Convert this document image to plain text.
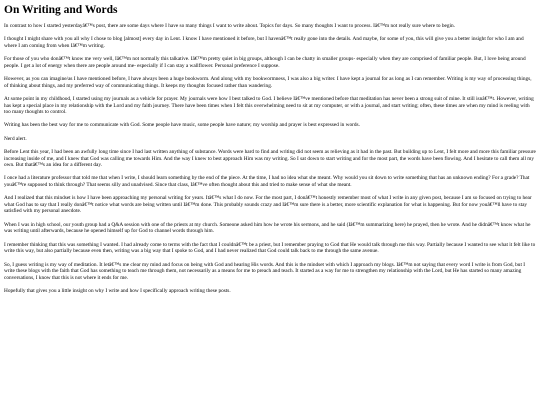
On Writing and Words

In contrast to how I started yesterdayâ€™s post, there are some days where I have so many things I want to write about. Topics for days. So many thoughts I want to process. Iâ€™m not really sure where to begin.

I thought I might share with you all why I chose to blog [almost] every day in Lent. I know I have mentioned it before, but I havenâ€™t really gone into the details. And maybe, for some of you, this will give you a better insight for who I am and where I am coming from when Iâ€™m writing.

For those of you who donâ€™t know me very well, Iâ€™m not normally this talkative. Iâ€™m pretty quiet in big groups, although I can be chatty in smaller groups- especially when they are comprised of familiar people. But, I love being around people. I get a lot of energy when there are people around me- especially if I can stay a wallflower. Personal preference I suppose.

However, as you can imagine/as I have mentioned before, I have always been a huge bookworm. And along with my bookwormness, I was also a big writer. I have kept a journal for as long as I can remember. Writing is my way of processing things, of thinking about things, and my preferred way of communicating things. It keeps my thoughts focused rather than wandering.

At some point in my childhood, I started using my journals as a vehicle for prayer. My journals were how I best talked to God. I believe Iâ€™ve mentioned before that meditation has never been a strong suit of mine. It still isnâ€™t. However, writing has kept a special place in my relationship with the Lord and my faith journey. There have been times when I felt this overwhelming need to sit at my computer, or with a journal, and start writing; often, these times are when my mind is reeling with too many thoughts to control.

Writing has been the best way for me to communicate with God. Some people have music, some people have nature; my worship and prayer is best expressed in words.

Nerd alert.

Before Lent this year, I had been an awfully long time since I had last written anything of substance. Words were hard to find and writing did not seem as relieving as it had in the past. But building up to Lent, I felt more and more this familiar pressure increasing inside of me, and I knew that God was calling me towards Him. And the way I knew to best approach Him was my writing. So I sat down to start writing and for the most part, the words have been flowing. And I hesitate to call them all my own. But thatâ€™s an idea for a different day.

I once had a literature professor that told me that when I write, I should learn something by the end of the piece. At the time, I had no idea what she meant. Why would you sit down to write something that has an unknown ending? For a grade? That youâ€™re supposed to think through? That seems silly and unadvised. Since that class, Iâ€™ve often thought about this and tried to make sense of what she meant.

And I realized that this mindset is how I have been approaching my personal writing for years. Itâ€™s what I do now. For the most part, I donâ€™t honestly remember most of what I write in any given post, because I am so focused on trying to hear what God has to say that I really donâ€™t notice what words are being written until Iâ€™m done. This probably sounds crazy and Iâ€™m sure there is a better, more scientific explanation for what is happening. But for now youâ€™ll have to stay satisfied with my personal anecdote.

When I was in high school, our youth group had a Q&A session with one of the priests at my church. Someone asked him how he wrote his sermons, and he said (Iâ€™m summarizing here) he prayed, then he wrote. And he didnâ€™t know what he was writing until afterwards, because he opened himself up for God to channel words through him.

I remember thinking that this was something I wanted. I had already come to terms with the fact that I couldnâ€™t be a priest, but I remember praying to God that He would talk through me this way. Partially because I wanted to see what it felt like to write this way, but also partially because even then, writing was a big way that I spoke to God, and I had never realized that God could talk back to me through the same avenue.

So, I guess writing is my way of meditation. It letâ€™s me clear my mind and focus on being with God and hearing His words. And this is the mindset with which I approach my blogs. Iâ€™m not saying that every word I write is from God, but I write these blogs with the faith that God has something to teach me through them, not necessarily as a means for me to preach and teach. It started as a way for me to strengthen my relationship with the Lord, but He has started so many amazing conversations, I know that this is not where it ends for me.

Hopefully that gives you a little insight on why I write and how I specifically approach writing these posts.
